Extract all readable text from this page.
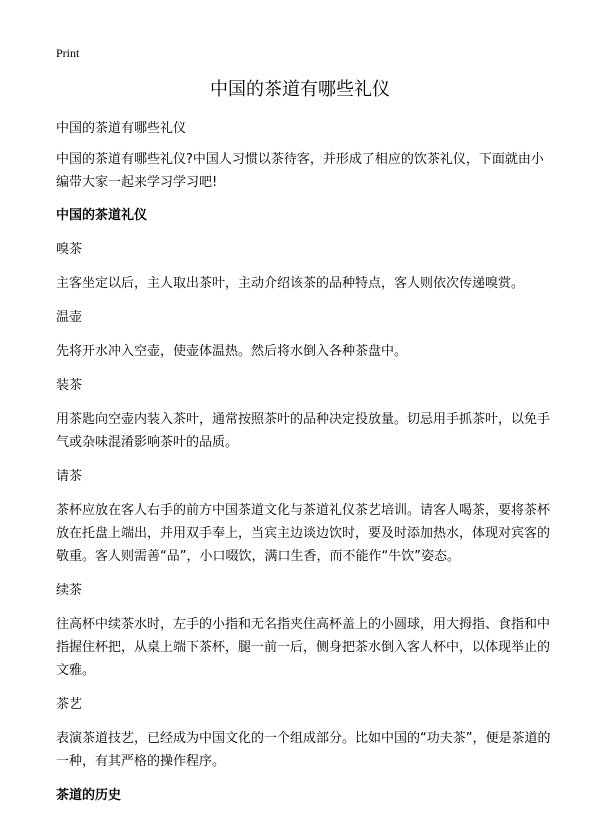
Print
中国的茶道有哪些礼仪

中国的茶道有哪些礼仪

中国的茶道有哪些礼仪?中国人习惯以茶待客，并形成了相应的饮茶礼仪，下面就由小编带大家一起来学习学习吧!

中国的茶道礼仪

嗅茶

主客坐定以后，主人取出茶叶，主动介绍该茶的品种特点，客人则依次传递嗅赏。

温壶

先将开水冲入空壶，使壶体温热。然后将水倒入各种茶盘中。

装茶

用茶匙向空壶内装入茶叶，通常按照茶叶的品种决定投放量。切忌用手抓茶叶，以免手气或杂味混淆影响茶叶的品质。

请茶

茶杯应放在客人右手的前方中国茶道文化与茶道礼仪茶艺培训。请客人喝茶，要将茶杯放在托盘上端出，并用双手奉上，当宾主边谈边饮时，要及时添加热水，体现对宾客的敬重。客人则需善“品”，小口啜饮，满口生香，而不能作“牛饮”姿态。

续茶

往高杯中续茶水时，左手的小指和无名指夹住高杯盖上的小圆球，用大拇指、食指和中指握住杯把，从桌上端下茶杯，腿一前一后，侧身把茶水倒入客人杯中，以体现举止的文雅。

茶艺

表演茶道技艺，已经成为中国文化的一个组成部分。比如中国的“功夫茶”，便是茶道的一种，有其严格的操作程序。

茶道的历史
